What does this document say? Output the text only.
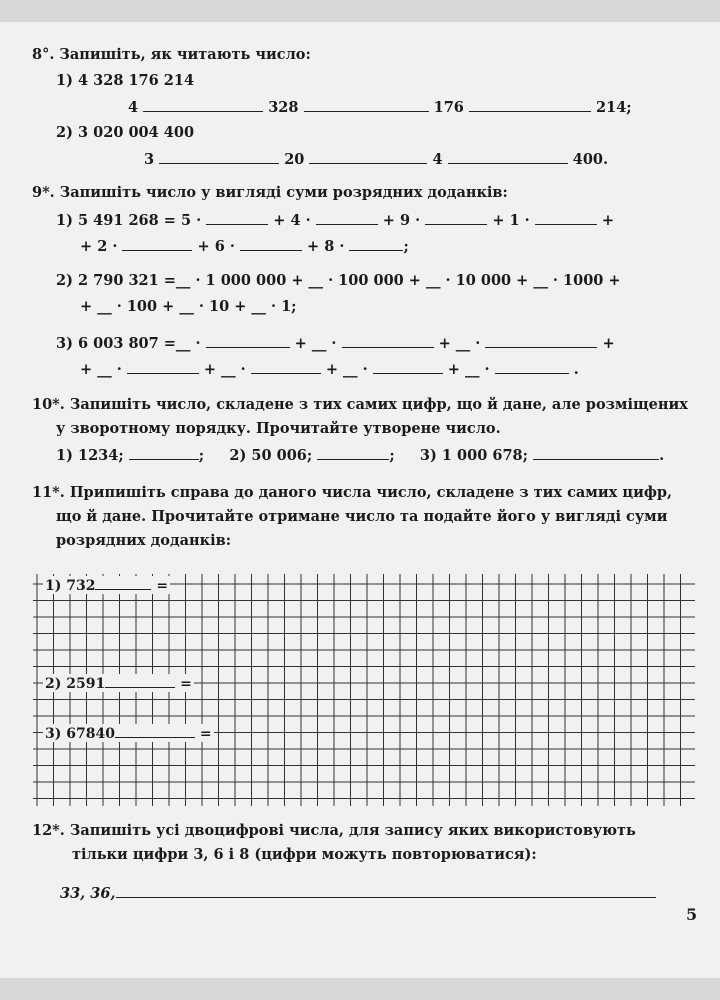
8°. Запишіть, як читають число:
1) 4 328 176 214
4	328	176	214;
2) 3 020 004 400
3	20	4	400.
9*. Запишіть число у вигляді суми розрядних доданків:
1) 5 491 268 = 5 ·	+ 4 ·	+ 9 ·	+ 1 ·	+
+ 2 ·	+ 6 ·	+ 8 ·	;
2) 2 790 321 =__ · 1 000 000 + __ · 100 000 + __ · 10 000 + __ · 1000 +
+ __ · 100 + __ · 10 + __ · 1;
3) 6 003 807 =__ ·	+ __ ·	+ __ ·	+
+ __ ·	+ __ ·	+ __ ·	+ __ ·	.
10*. Запишіть число, складене з тих самих цифр, що й дане, але розміщених
у зворотному порядку. Прочитайте утворене число.
1) 1234;	; 2) 50 006;	; 3) 1 000 678;	.
11*. Припишіть справа до даного числа число, складене з тих самих цифр,
що й дане. Прочитайте отримане число та подайте його у вигляді суми
розрядних доданків:
1) 732	=
2) 2591	=
3) 67840	=
12*. Запишіть усі двоцифрові числа, для запису яких використовують
тільки цифри 3, 6 і 8 (цифри можуть повторюватися):
33, 36,
5
